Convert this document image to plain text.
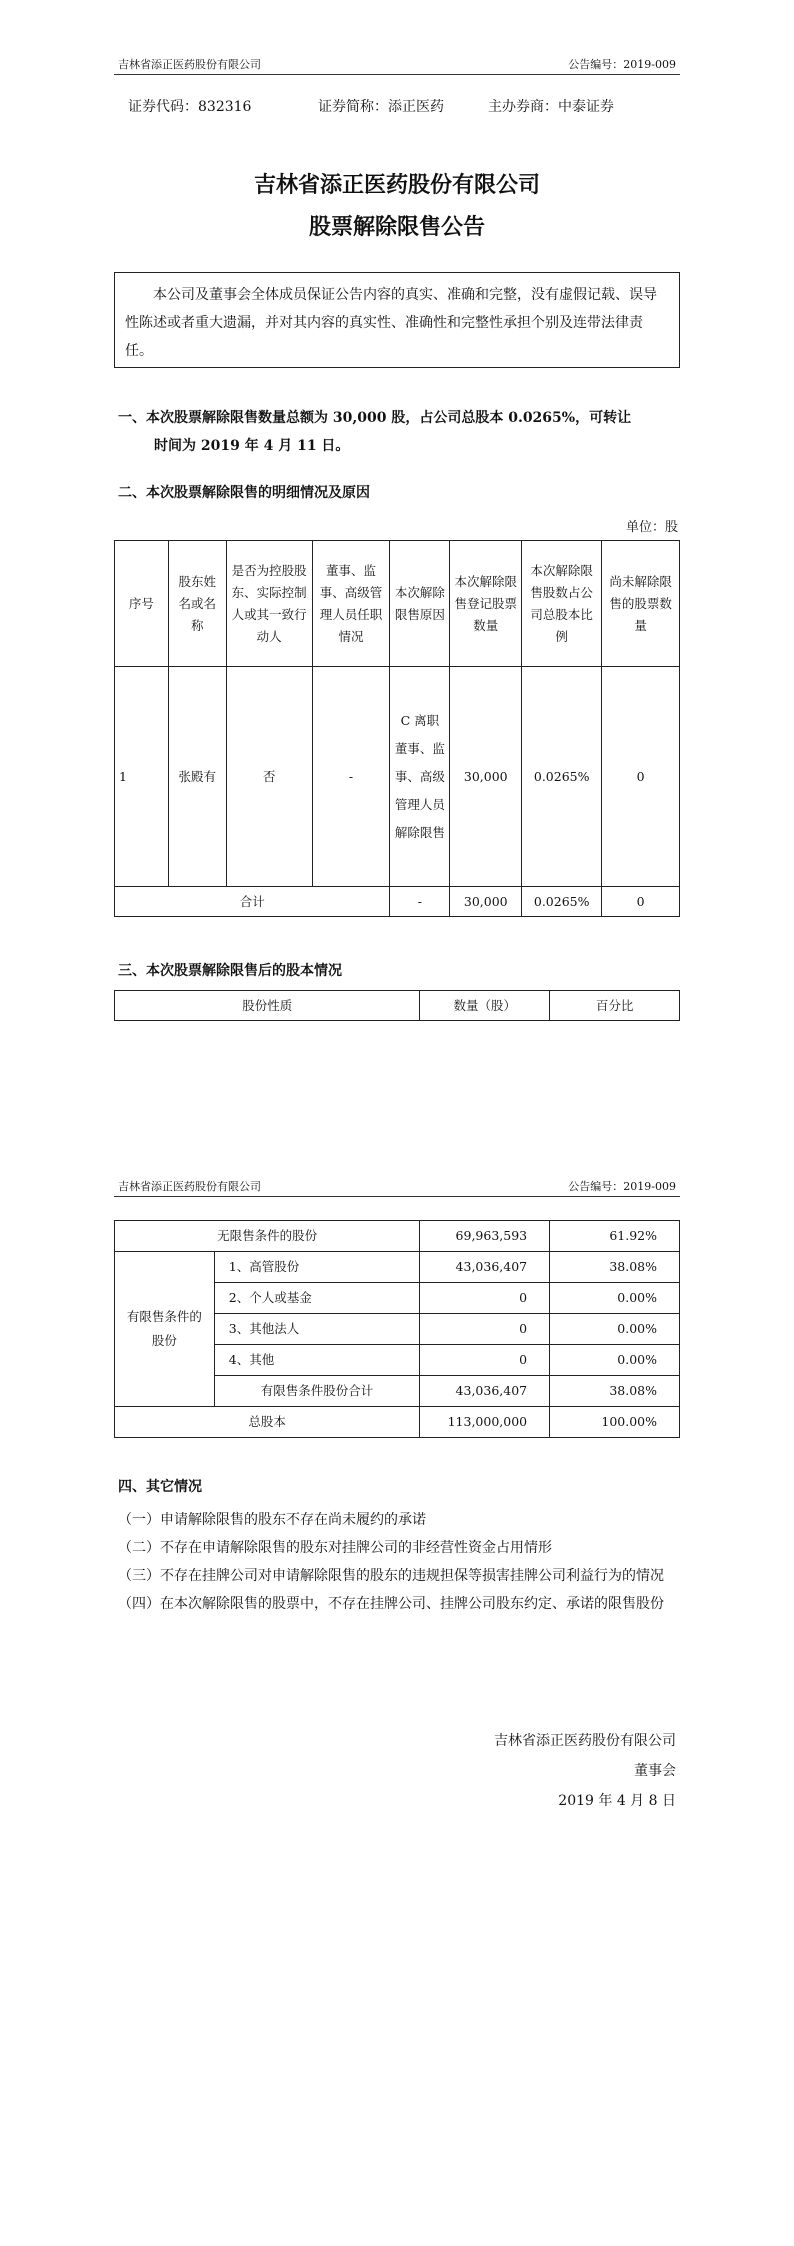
吉林省添正医药股份有限公司	公告编号：2019-009
证券代码：832316	证券简称：添正医药	主办券商：中泰证券
吉林省添正医药股份有限公司
股票解除限售公告
本公司及董事会全体成员保证公告内容的真实、准确和完整，没有虚假记载、误导性陈述或者重大遗漏，并对其内容的真实性、准确性和完整性承担个别及连带法律责任。
一、本次股票解除限售数量总额为 30,000 股，占公司总股本 0.0265%，可转让
时间为 2019 年 4 月 11 日。
二、本次股票解除限售的明细情况及原因
单位：股
序号	股东姓名或名称	是否为控股股东、实际控制人或其一致行动人	董事、监事、高级管理人员任职情况	本次解除限售原因	本次解除限售登记股票数量	本次解除限售股数占公司总股本比例	尚未解除限售的股票数量
1	张殿有	否	-	C 离职董事、监事、高级管理人员解除限售	30,000	0.0265%	0
合计				-	30,000	0.0265%	0
三、本次股票解除限售后的股本情况
股份性质	数量（股）	百分比
吉林省添正医药股份有限公司	公告编号：2019-009
无限售条件的股份		69,963,593	61.92%
有限售条件的股份	1、高管股份	43,036,407	38.08%
	2、个人或基金	0	0.00%
	3、其他法人	0	0.00%
	4、其他	0	0.00%
	有限售条件股份合计	43,036,407	38.08%
总股本		113,000,000	100.00%
四、其它情况
（一） 申请解除限售的股东不存在尚未履约的承诺
（二） 不存在申请解除限售的股东对挂牌公司的非经营性资金占用情形
（三） 不存在挂牌公司对申请解除限售的股东的违规担保等损害挂牌公司利益行为的情况
（四） 在本次解除限售的股票中，不存在挂牌公司、挂牌公司股东约定、承诺的限售股份
吉林省添正医药股份有限公司
董事会
2019 年 4 月 8 日
